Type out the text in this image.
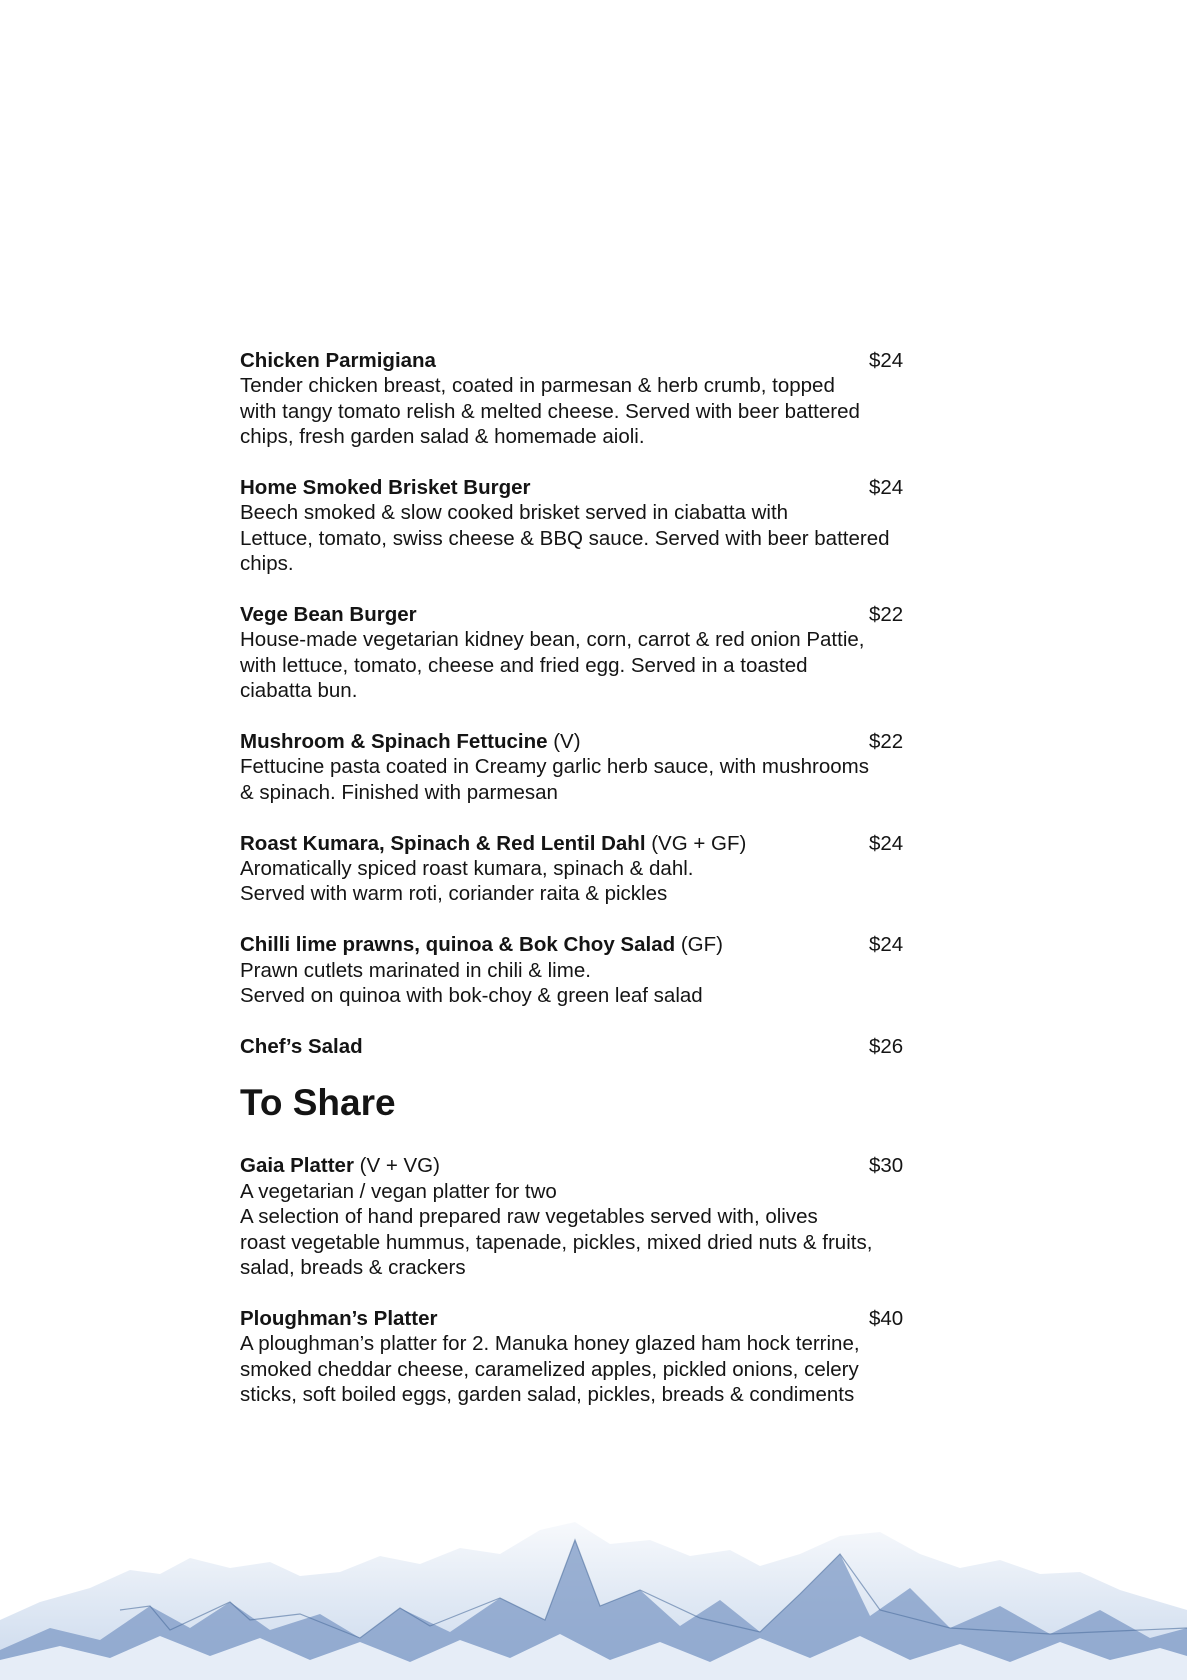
Chicken Parmigiana	$24
Tender chicken breast, coated in parmesan & herb crumb, topped
with tangy tomato relish & melted cheese. Served with beer battered
chips, fresh garden salad & homemade aioli.
Home Smoked Brisket Burger	$24
Beech smoked & slow cooked brisket served in ciabatta with
Lettuce, tomato, swiss cheese & BBQ sauce. Served with beer battered
chips.
Vege Bean Burger	$22
House-made vegetarian kidney bean, corn, carrot & red onion Pattie,
with lettuce, tomato, cheese and fried egg. Served in a toasted
ciabatta bun.
Mushroom & Spinach Fettucine (V)	$22
Fettucine pasta coated in Creamy garlic herb sauce, with mushrooms
& spinach. Finished with parmesan
Roast Kumara, Spinach & Red Lentil Dahl (VG + GF)	$24
Aromatically spiced roast kumara, spinach & dahl.
Served with warm roti, coriander raita & pickles
Chilli lime prawns, quinoa & Bok Choy Salad (GF)	$24
Prawn cutlets marinated in chili & lime.
Served on quinoa with bok-choy & green leaf salad
Chef’s Salad	$26
To Share
Gaia Platter (V + VG)	$30
A vegetarian / vegan platter for two
A selection of hand prepared raw vegetables served with, olives
roast vegetable hummus, tapenade, pickles, mixed dried nuts & fruits,
salad, breads & crackers
Ploughman’s Platter	$40
A ploughman’s platter for 2. Manuka honey glazed ham hock terrine,
smoked cheddar cheese, caramelized apples, pickled onions, celery
sticks, soft boiled eggs, garden salad, pickles, breads & condiments
